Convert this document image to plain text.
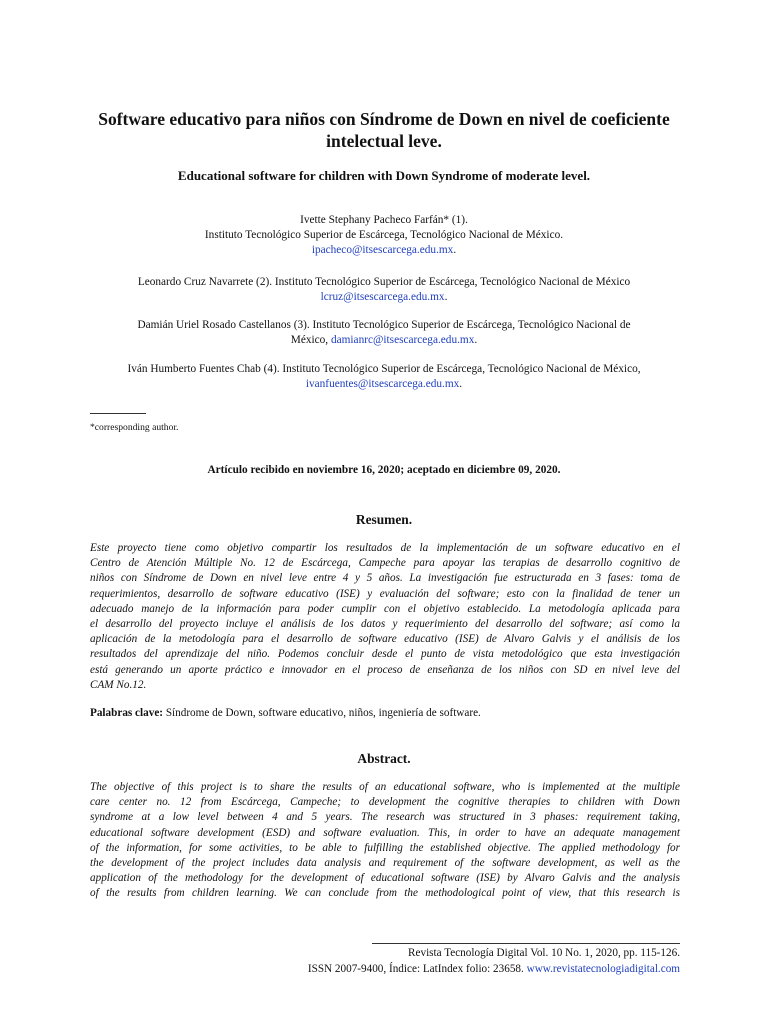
Software educativo para niños con Síndrome de Down en nivel de coeficiente
intelectual leve.
Educational software for children with Down Syndrome of moderate level.
Ivette Stephany Pacheco Farfán* (1).
Instituto Tecnológico Superior de Escárcega, Tecnológico Nacional de México.
ipacheco@itsescarcega.edu.mx.
Leonardo Cruz Navarrete (2). Instituto Tecnológico Superior de Escárcega, Tecnológico Nacional de México
lcruz@itsescarcega.edu.mx.
Damián Uriel Rosado Castellanos (3). Instituto Tecnológico Superior de Escárcega, Tecnológico Nacional de
México, damianrc@itsescarcega.edu.mx.
Iván Humberto Fuentes Chab (4). Instituto Tecnológico Superior de Escárcega, Tecnológico Nacional de México,
ivanfuentes@itsescarcega.edu.mx.
*corresponding author.
Artículo recibido en noviembre 16, 2020; aceptado en diciembre 09, 2020.
Resumen.
Este proyecto tiene como objetivo compartir los resultados de la implementación de un software educativo en el
Centro de Atención Múltiple No. 12 de Escárcega, Campeche para apoyar las terapias de desarrollo cognitivo de
niños con Síndrome de Down en nivel leve entre 4 y 5 años. La investigación fue estructurada en 3 fases: toma de
requerimientos, desarrollo de software educativo (ISE) y evaluación del software; esto con la finalidad de tener un
adecuado manejo de la información para poder cumplir con el objetivo establecido. La metodología aplicada para
el desarrollo del proyecto incluye el análisis de los datos y requerimiento del desarrollo del software; así como la
aplicación de la metodología para el desarrollo de software educativo (ISE) de Alvaro Galvis y el análisis de los
resultados del aprendizaje del niño. Podemos concluir desde el punto de vista metodológico que esta investigación
está generando un aporte práctico e innovador en el proceso de enseñanza de los niños con SD en nivel leve del
CAM No.12.
Palabras clave: Síndrome de Down, software educativo, niños, ingeniería de software.
Abstract.
The objective of this project is to share the results of an educational software, who is implemented at the multiple
care center no. 12 from Escárcega, Campeche; to development the cognitive therapies to children with Down
syndrome at a low level between 4 and 5 years. The research was structured in 3 phases: requirement taking,
educational software development (ESD) and software evaluation. This, in order to have an adequate management
of the information, for some activities, to be able to fulfilling the established objective. The applied methodology for
the development of the project includes data analysis and requirement of the software development, as well as the
application of the methodology for the development of educational software (ISE) by Alvaro Galvis and the analysis
of the results from children learning. We can conclude from the methodological point of view, that this research is
Revista Tecnología Digital Vol. 10 No. 1, 2020, pp. 115-126.
ISSN 2007-9400, Índice: LatIndex folio: 23658. www.revistatecnologiadigital.com
